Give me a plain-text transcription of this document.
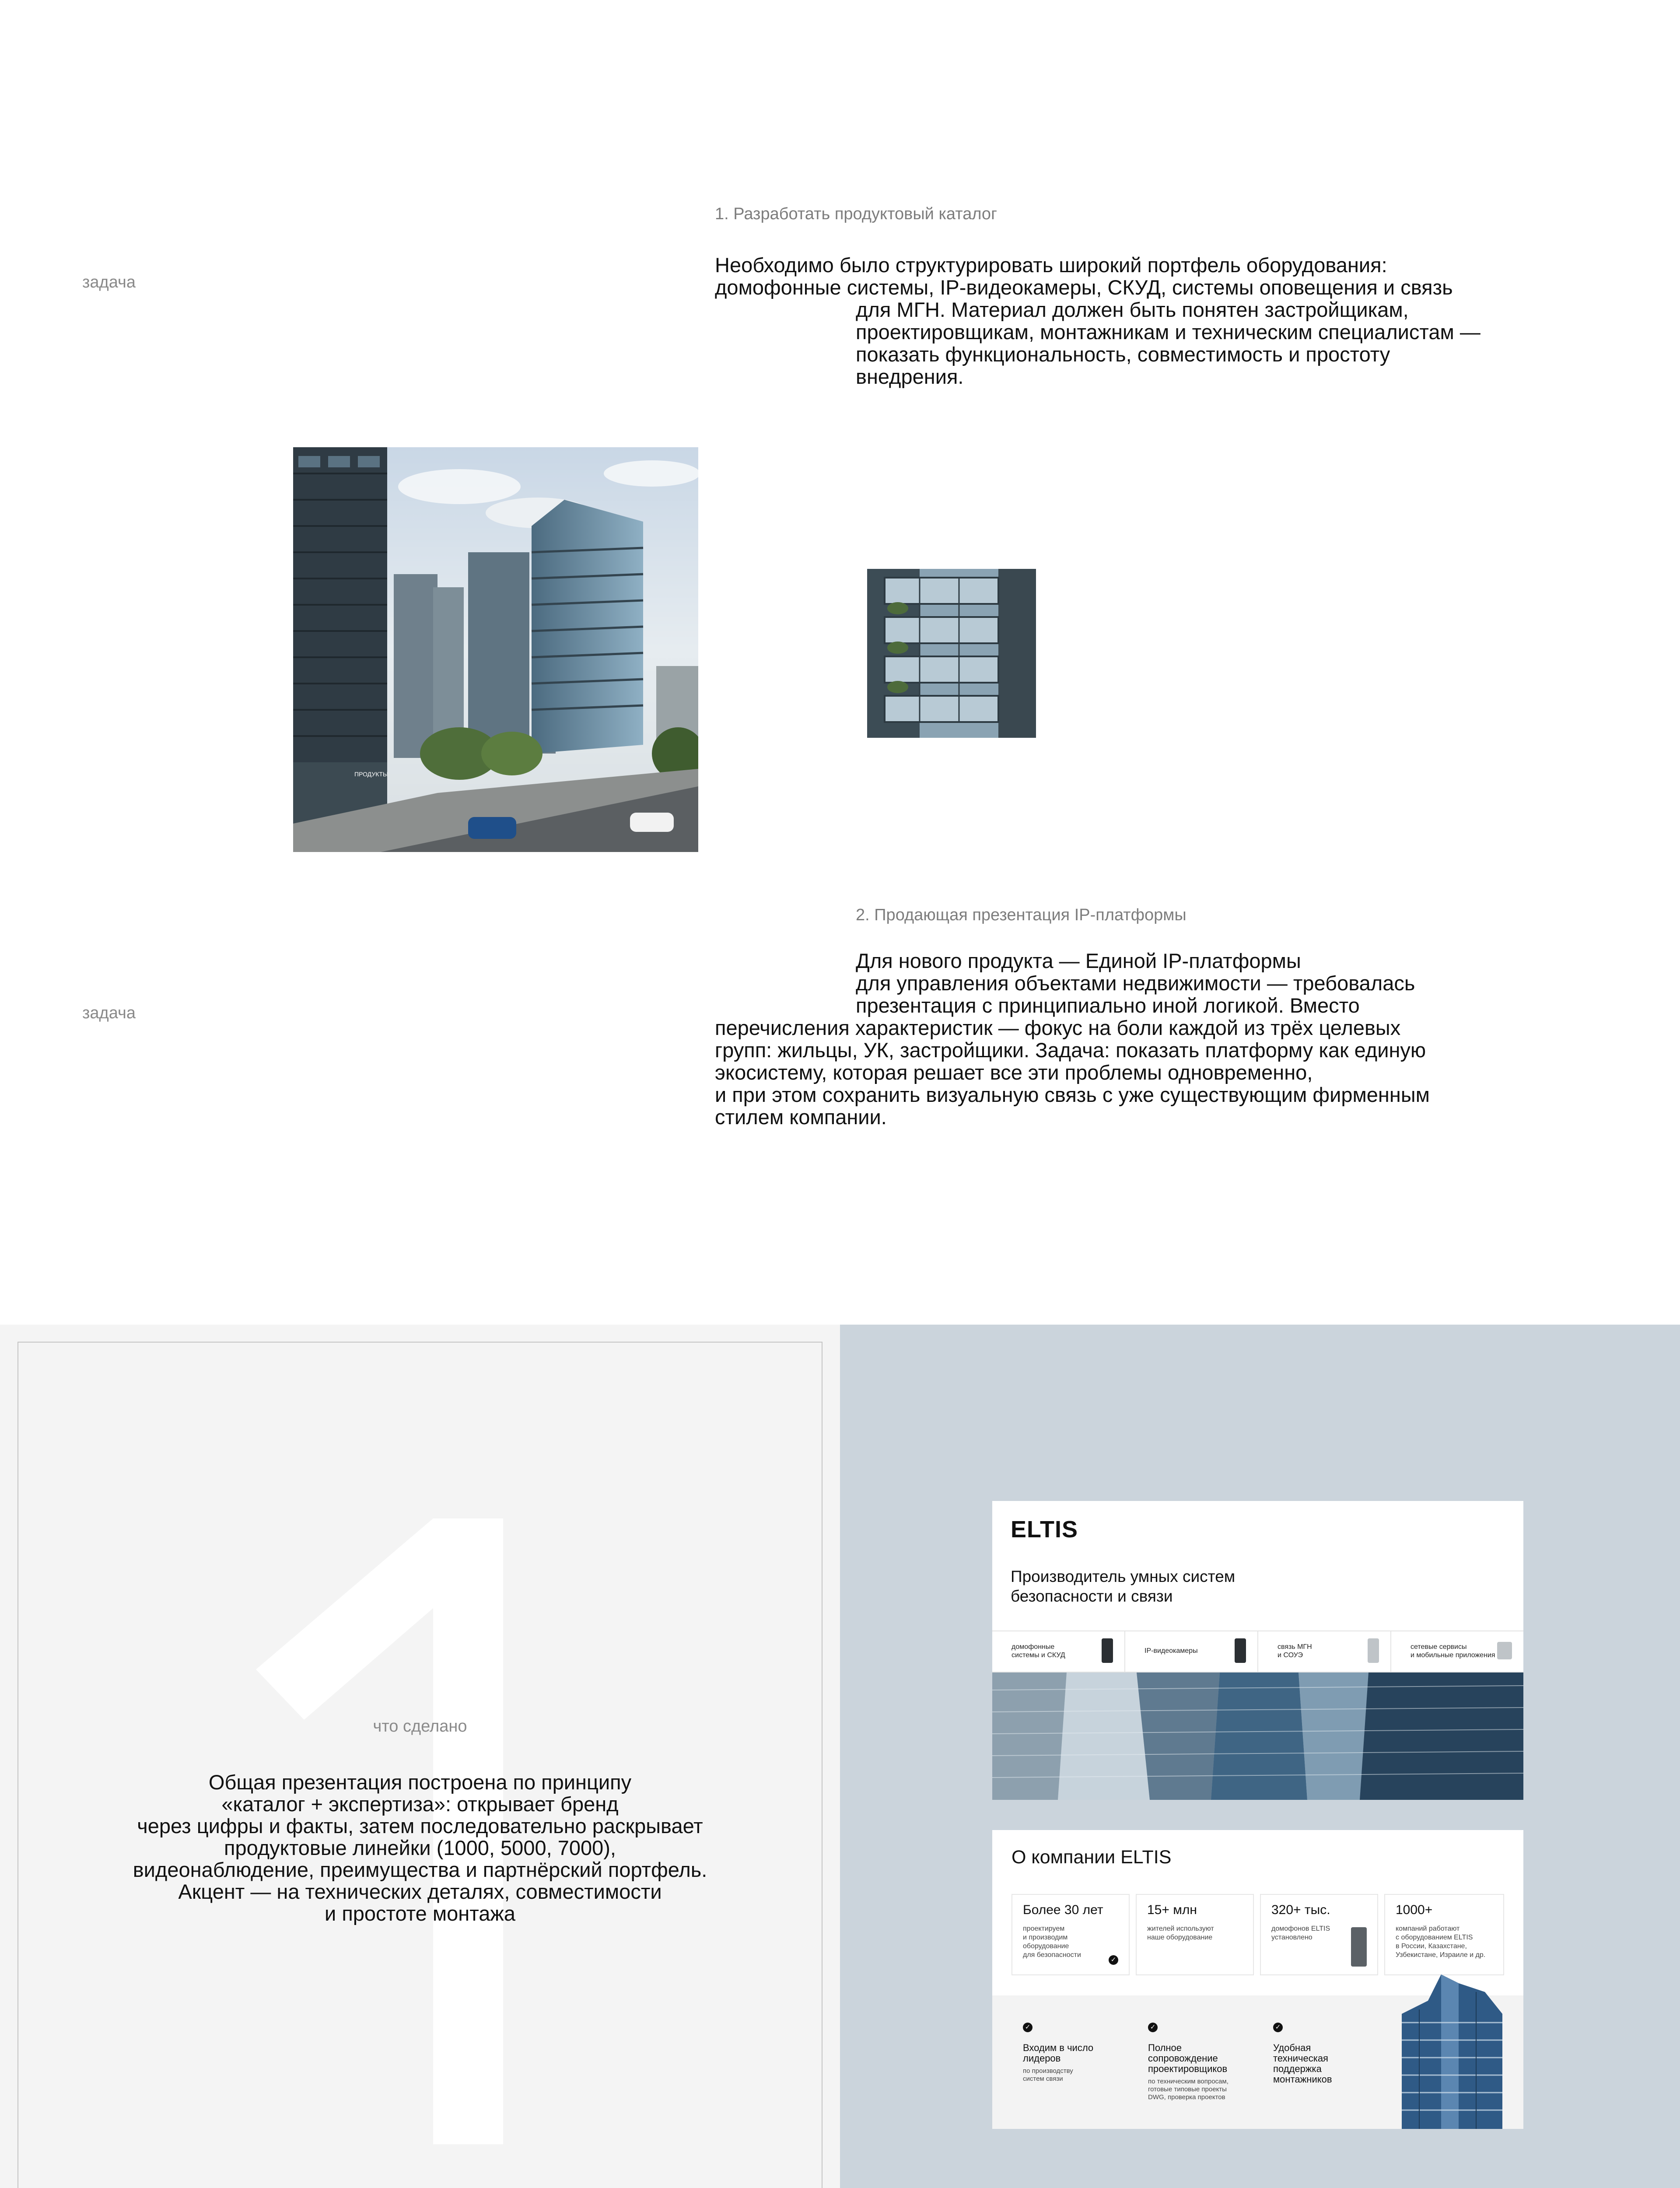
задача
1. Разработать продуктовый каталог
Необходимо было структурировать широкий портфель оборудования:
домофонные системы, IP-видеокамеры, СКУД, системы оповещения и связь
для МГН. Материал должен быть понятен застройщикам,
проектировщикам, монтажникам и техническим специалистам —
показать функциональность, совместимость и простоту
внедрения.
ПРОДУКТЫ
задача
2. Продающая презентация IP-платформы
Для нового продукта — Единой IP-платформы
для управления объектами недвижимости — требовалась
презентация с принципиально иной логикой. Вместо
перечисления характеристик — фокус на боли каждой из трёх целевых
групп: жильцы, УК, застройщики. Задача: показать платформу как единую
экосистему, которая решает все эти проблемы одновременно,
и при этом сохранить визуальную связь с уже существующим фирменным
стилем компании.
что сделано
Общая презентация построена по принципу
«каталог + экспертиза»: открывает бренд
через цифры и факты, затем последовательно раскрывает
продуктовые линейки (1000, 5000, 7000),
видеонаблюдение, преимущества и партнёрский портфель.
Акцент — на технических деталях, совместимости
и простоте монтажа
ELTIS
Производитель умных систем
безопасности и связи
домофонные
системы и СКУД
IP-видеокамеры
связь МГН
и СОУЭ
сетевые сервисы
и мобильные приложения
О компании ELTIS
Более 30 лет
проектируем
и производим
оборудование
для безопасности
✓
15+ млн
жителей используют
наше оборудование
320+ тыс.
домофонов ELTIS
установлено
1000+
компаний работают
с оборудованием ELTIS
в России, Казахстане,
Узбекистане, Израиле и др.
✓
Входим в число
лидеров
по производству
систем связи
✓
Полное
сопровождение
проектировщиков
по техническим вопросам,
готовые типовые проекты
DWG, проверка проектов
✓
Удобная
техническая
поддержка
монтажников
